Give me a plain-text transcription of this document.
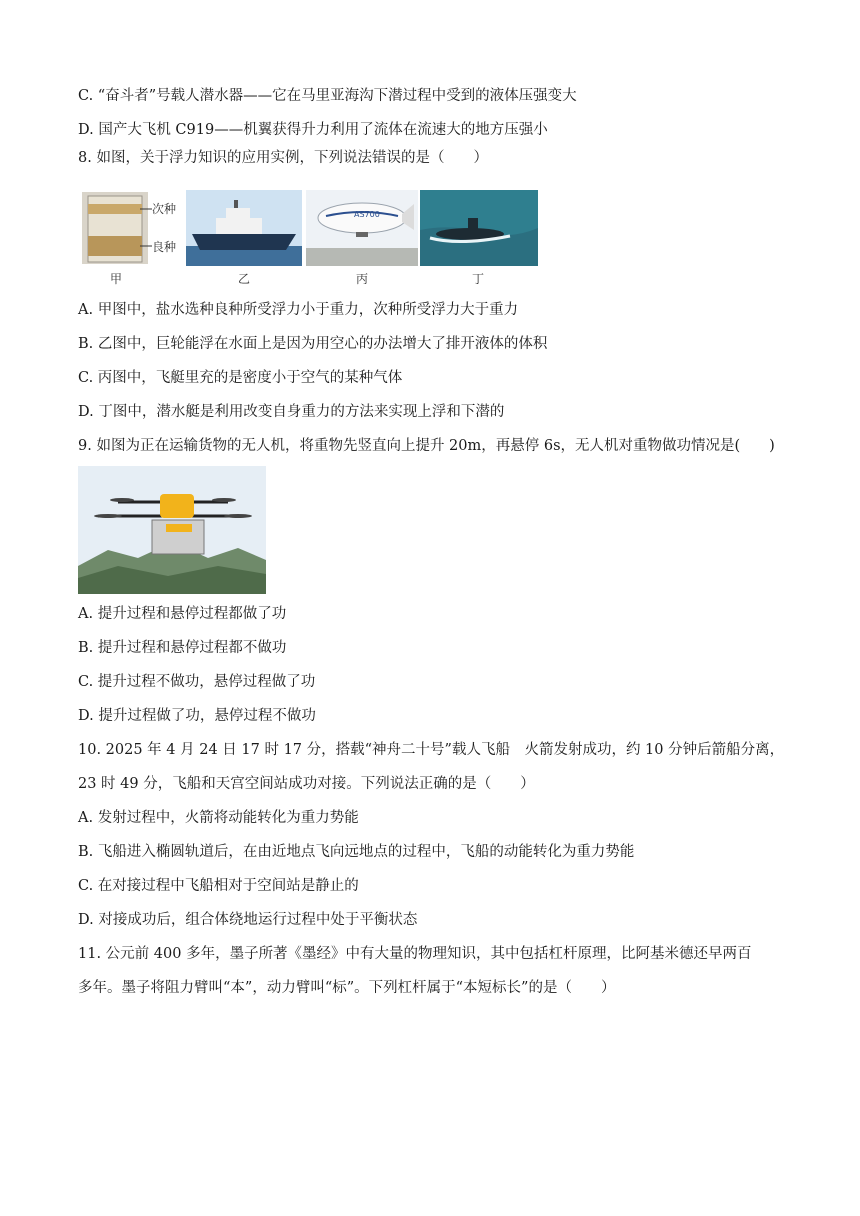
C. “奋斗者”号载人潜水器——它在马里亚海沟下潜过程中受到的液体压强变大
D. 国产大飞机 C919——机翼获得升力利用了流体在流速大的地方压强小
8. 如图，关于浮力知识的应用实例，下列说法错误的是（　　）
次种
良种
甲	乙
AS700
丙	丁
A. 甲图中，盐水选种良种所受浮力小于重力，次种所受浮力大于重力
B. 乙图中，巨轮能浮在水面上是因为用空心的办法增大了排开液体的体积
C. 丙图中，飞艇里充的是密度小于空气的某种气体
D. 丁图中，潜水艇是利用改变自身重力的方法来实现上浮和下潜的
9. 如图为正在运输货物的无人机，将重物先竖直向上提升 20m，再悬停 6s，无人机对重物做功情况是(　　)
A. 提升过程和悬停过程都做了功
B. 提升过程和悬停过程都不做功
C. 提升过程不做功，悬停过程做了功
D. 提升过程做了功，悬停过程不做功
10. 2025 年 4 月 24 日 17 时 17 分，搭载“神舟二十号”载人飞船　火箭发射成功，约 10 分钟后箭船分离，
23 时 49 分，飞船和天宫空间站成功对接。下列说法正确的是（　　）
A. 发射过程中，火箭将动能转化为重力势能
B. 飞船进入椭圆轨道后，在由近地点飞向远地点的过程中，飞船的动能转化为重力势能
C. 在对接过程中飞船相对于空间站是静止的
D. 对接成功后，组合体绕地运行过程中处于平衡状态
11. 公元前 400 多年，墨子所著《墨经》中有大量的物理知识，其中包括杠杆原理，比阿基米德还早两百
多年。墨子将阻力臂叫“本”，动力臂叫“标”。下列杠杆属于“本短标长”的是（　　）
